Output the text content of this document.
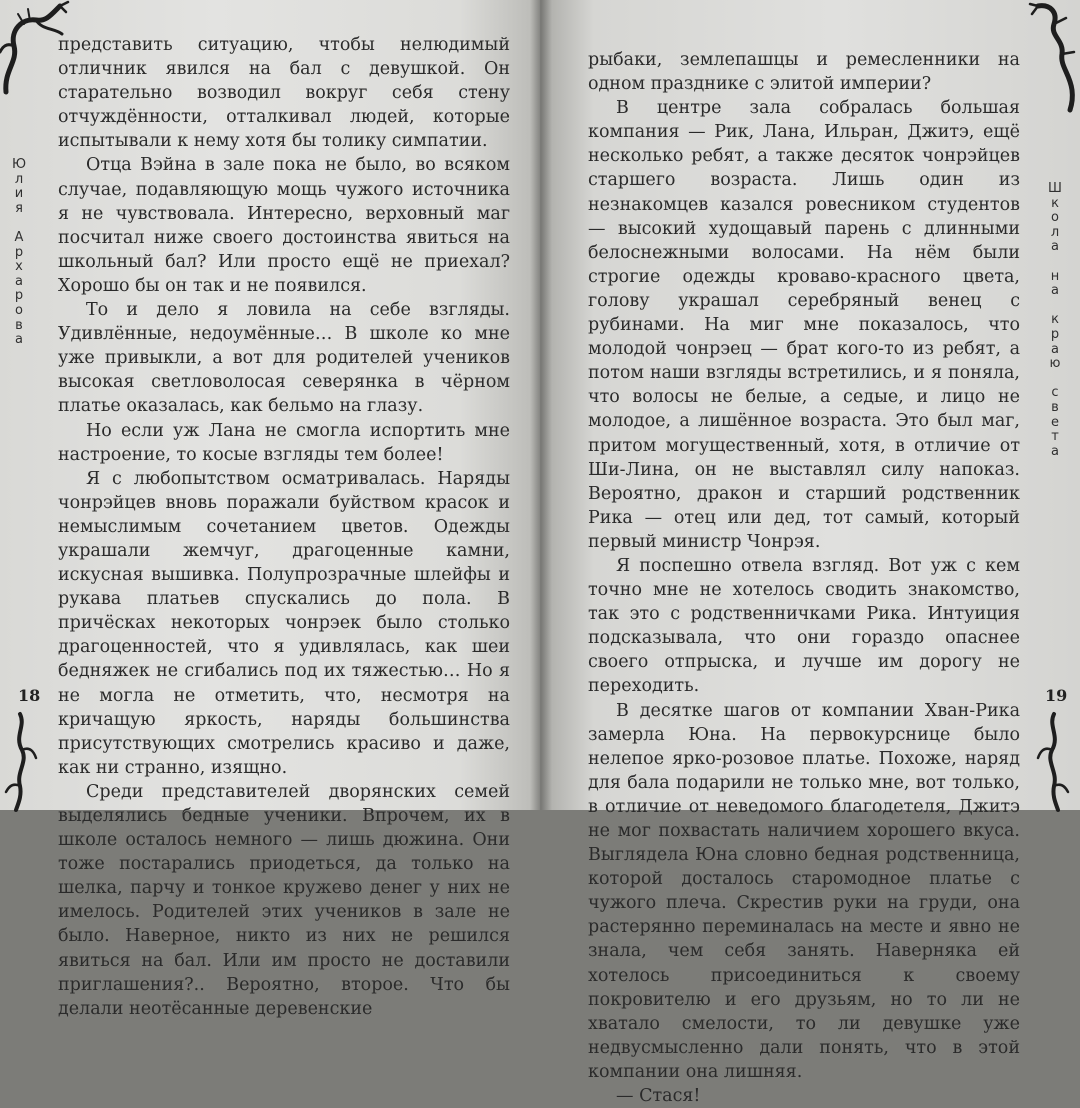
Ю
л
и
я

А
р
х
а
р
о
в
а

представить ситуацию, чтобы нелюдимый отличник явился на бал с девушкой. Он старательно возводил вокруг себя стену отчуждённости, отталкивал людей, которые испытывали к нему хотя бы толику симпатии.

Отца Вэйна в зале пока не было, во всяком случае, подавляющую мощь чужого источника я не чувствовала. Интересно, верховный маг посчитал ниже своего достоинства явиться на школьный бал? Или просто ещё не приехал? Хорошо бы он так и не появился.

То и дело я ловила на себе взгляды. Удивлённые, недоумённые… В школе ко мне уже привыкли, а вот для родителей учеников высокая светловолосая северянка в чёрном платье оказалась, как бельмо на глазу.

Но если уж Лана не смогла испортить мне настроение, то косые взгляды тем более!

Я с любопытством осматривалась. Наряды чонрэйцев вновь поражали буйством красок и немыслимым сочетанием цветов. Одежды украшали жемчуг, драгоценные камни, искусная вышивка. Полупрозрачные шлейфы и рукава платьев спускались до пола. В причёсках некоторых чонрэек было столько драгоценностей, что я удивлялась, как шеи бедняжек не сгибались под их тяжестью… Но я не могла не отметить, что, несмотря на кричащую яркость, наряды большинства присутствующих смотрелись красиво и даже, как ни странно, изящно.

Среди представителей дворянских семей выделялись бедные ученики. Впрочем, их в школе осталось немного — лишь дюжина. Они тоже постарались приодеться, да только на шелка, парчу и тонкое кружево денег у них не имелось. Родителей этих учеников в зале не было. Наверное, никто из них не решился явиться на бал. Или им просто не доставили приглашения?.. Вероятно, второе. Что бы делали неотёсанные деревенские

18
Ш
к
о
л
а

н
а

к
р
а
ю

с
в
е
т
а

рыбаки, землепашцы и ремесленники на одном празднике с элитой империи?

В центре зала собралась большая компания — Рик, Лана, Ильран, Джитэ, ещё несколько ребят, а также десяток чонрэйцев старшего возраста. Лишь один из незнакомцев казался ровесником студентов — высокий худощавый парень с длинными белоснежными волосами. На нём были строгие одежды кроваво-красного цвета, голову украшал серебряный венец с рубинами. На миг мне показалось, что молодой чонрэец — брат кого-то из ребят, а потом наши взгляды встретились, и я поняла, что волосы не белые, а седые, и лицо не молодое, а лишённое возраста. Это был маг, притом могущественный, хотя, в отличие от Ши-Лина, он не выставлял силу напоказ. Вероятно, дракон и старший родственник Рика — отец или дед, тот самый, который первый министр Чонрэя.

Я поспешно отвела взгляд. Вот уж с кем точно мне не хотелось сводить знакомство, так это с родственничками Рика. Интуиция подсказывала, что они гораздо опаснее своего отпрыска, и лучше им дорогу не переходить.

В десятке шагов от компании Хван-Рика замерла Юна. На первокурснице было нелепое ярко-розовое платье. Похоже, наряд для бала подарили не только мне, вот только, в отличие от неведомого благодетеля, Джитэ не мог похвастать наличием хорошего вкуса. Выглядела Юна словно бедная родственница, которой досталось старомодное платье с чужого плеча. Скрестив руки на груди, она растерянно переминалась на месте и явно не знала, чем себя занять. Наверняка ей хотелось присоединиться к своему покровителю и его друзьям, но то ли не хватало смелости, то ли девушке уже недвусмысленно дали понять, что в этой компании она лишняя.

— Стася!

19
